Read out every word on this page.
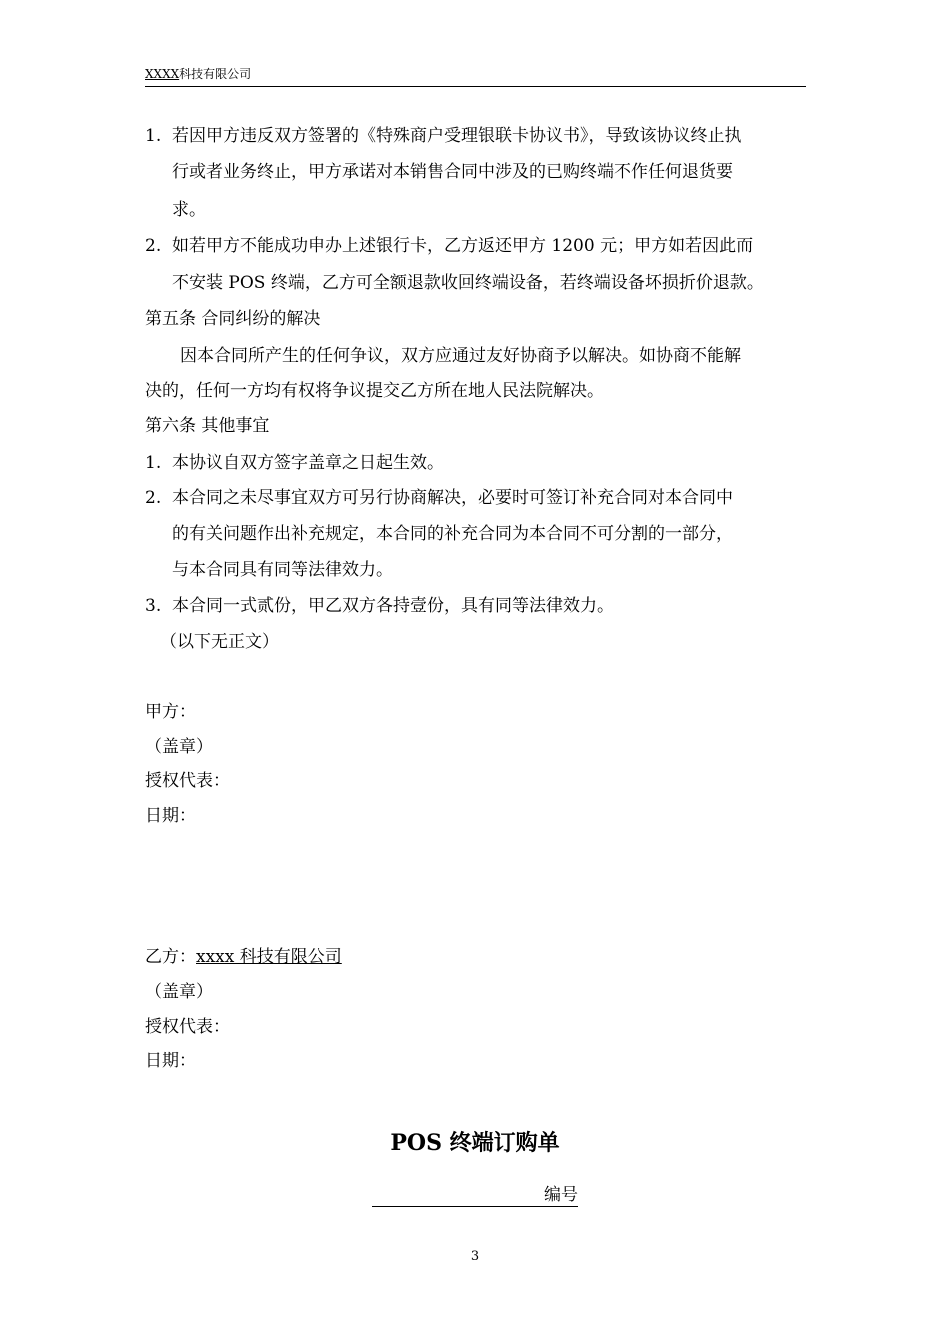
XXXX科技有限公司
1. 若因甲方违反双方签署的《特殊商户受理银联卡协议书》，导致该协议终止执
行或者业务终止，甲方承诺对本销售合同中涉及的已购终端不作任何退货要
求。
2. 如若甲方不能成功申办上述银行卡，乙方返还甲方 1200 元；甲方如若因此而
不安装 POS 终端，乙方可全额退款收回终端设备，若终端设备坏损折价退款。
第五条 合同纠纷的解决
因本合同所产生的任何争议，双方应通过友好协商予以解决。如协商不能解
决的，任何一方均有权将争议提交乙方所在地人民法院解决。
第六条 其他事宜
1. 本协议自双方签字盖章之日起生效。
2. 本合同之未尽事宜双方可另行协商解决，必要时可签订补充合同对本合同中
的有关问题作出补充规定，本合同的补充合同为本合同不可分割的一部分，
与本合同具有同等法律效力。
3. 本合同一式贰份，甲乙双方各持壹份，具有同等法律效力。
（以下无正文）
甲方：
（盖章）
授权代表：
日期：
乙方：xxxx 科技有限公司
（盖章）
授权代表：
日期：
POS 终端订购单
编号
3
